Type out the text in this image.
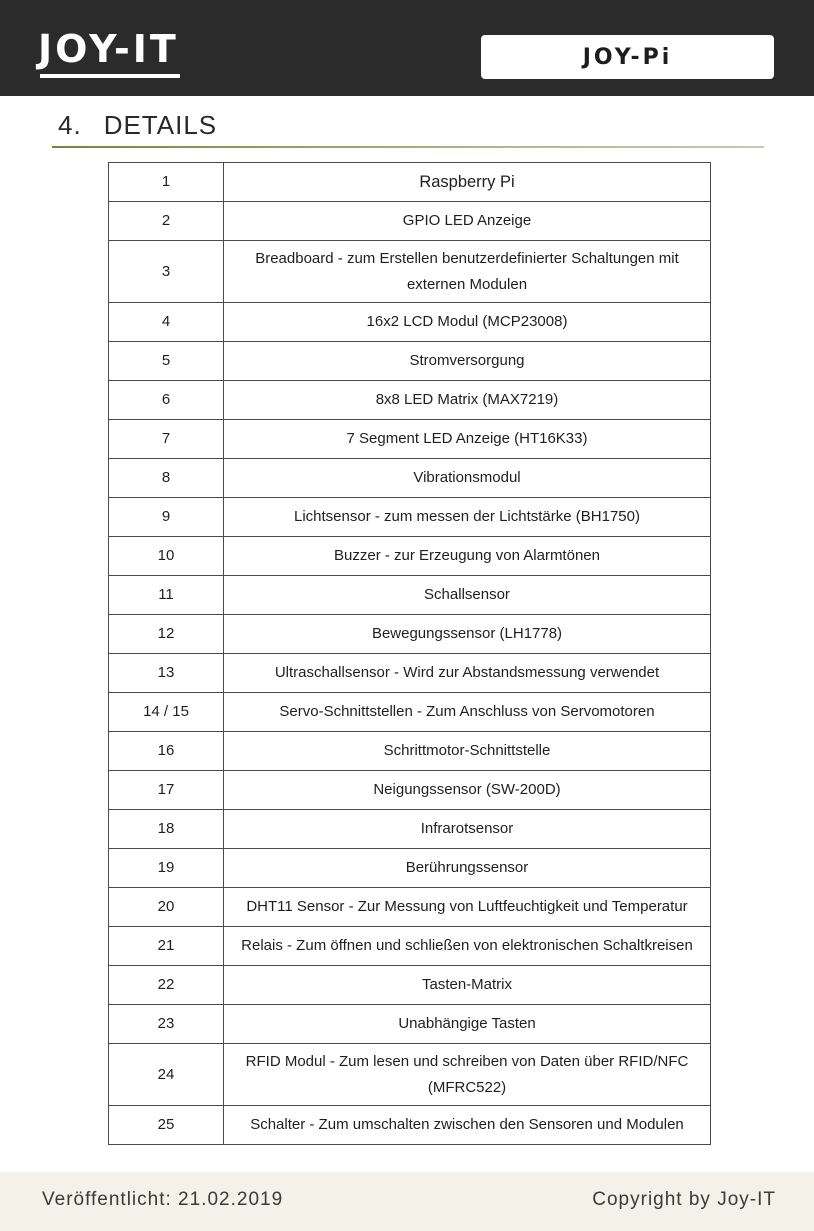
JOY-IT	JOY-Pi
4. DETAILS
1	Raspberry Pi
2	GPIO LED Anzeige
3	Breadboard - zum Erstellen benutzerdefinierter Schaltungen mit externen Modulen
4	16x2 LCD Modul (MCP23008)
5	Stromversorgung
6	8x8 LED Matrix (MAX7219)
7	7 Segment LED Anzeige (HT16K33)
8	Vibrationsmodul
9	Lichtsensor - zum messen der Lichtstärke (BH1750)
10	Buzzer - zur Erzeugung von Alarmtönen
11	Schallsensor
12	Bewegungssensor (LH1778)
13	Ultraschallsensor - Wird zur Abstandsmessung verwendet
14 / 15	Servo-Schnittstellen - Zum Anschluss von Servomotoren
16	Schrittmotor-Schnittstelle
17	Neigungssensor (SW-200D)
18	Infrarotsensor
19	Berührungssensor
20	DHT11 Sensor - Zur Messung von Luftfeuchtigkeit und Temperatur
21	Relais - Zum öffnen und schließen von elektronischen Schaltkreisen
22	Tasten-Matrix
23	Unabhängige Tasten
24	RFID Modul - Zum lesen und schreiben von Daten über RFID/NFC (MFRC522)
25	Schalter - Zum umschalten zwischen den Sensoren und Modulen
Veröffentlicht: 21.02.2019	Copyright by Joy-IT
